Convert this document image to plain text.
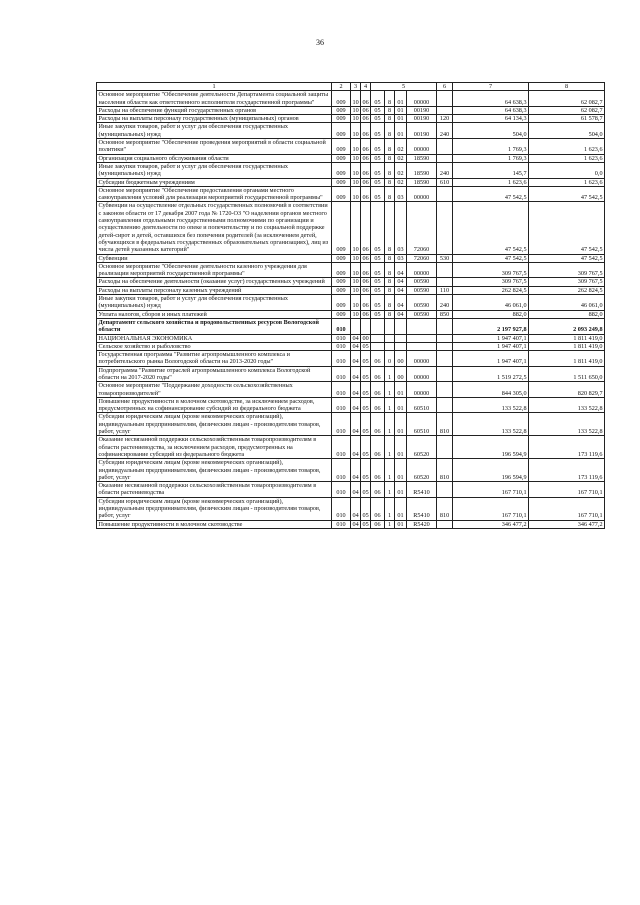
36
1	2	3	4	5				6	7	8
Основное мероприятие "Обеспечение деятельности Департамента социальной защиты населения области как ответственного исполнителя государственной программы"	009	10	06	05	8	01	00000		64 638,3	62 082,7
Расходы на обеспечение функций государственных органов	009	10	06	05	8	01	00190		64 638,3	62 082,7
Расходы на выплаты персоналу государственных (муниципальных) органов	009	10	06	05	8	01	00190	120	64 134,3	61 578,7
Иные закупки товаров, работ и услуг для обеспечения государственных (муниципальных) нужд	009	10	06	05	8	01	00190	240	504,0	504,0
Основное мероприятие "Обеспечение проведения мероприятий в области социальной политики"	009	10	06	05	8	02	00000		1 769,3	1 623,6
Организация социального обслуживания области	009	10	06	05	8	02	18590		1 769,3	1 623,6
Иные закупки товаров, работ и услуг для обеспечения государственных (муниципальных) нужд	009	10	06	05	8	02	18590	240	145,7	0,0
Субсидии бюджетным учреждениям	009	10	06	05	8	02	18590	610	1 623,6	1 623,6
Основное мероприятие "Обеспечение предоставления органами местного самоуправления условий для реализации мероприятий государственной программы"	009	10	06	05	8	03	00000		47 542,5	47 542,5
Субвенции на осуществление отдельных государственных полномочий в соответствии с законом области от 17 декабря 2007 года № 1720-ОЗ "О наделении органов местного самоуправления отдельными государственными полномочиями по организации и осуществлению деятельности по опеке и попечительству и по социальной поддержке детей-сирот и детей, оставшихся без попечения родителей (за исключением детей, обучающихся в федеральных государственных образовательных организациях), лиц из числа детей указанных категорий"	009	10	06	05	8	03	72060		47 542,5	47 542,5
Субвенции	009	10	06	05	8	03	72060	530	47 542,5	47 542,5
Основное мероприятие "Обеспечение деятельности казенного учреждения для реализации мероприятий государственной программы"	009	10	06	05	8	04	00000		309 767,5	309 767,5
Расходы на обеспечение деятельности (оказание услуг) государственных учреждений	009	10	06	05	8	04	00590		309 767,5	309 767,5
Расходы на выплаты персоналу казенных учреждений	009	10	06	05	8	04	00590	110	262 824,5	262 824,5
Иные закупки товаров, работ и услуг для обеспечения государственных (муниципальных) нужд	009	10	06	05	8	04	00590	240	46 061,0	46 061,0
Уплата налогов, сборов и иных платежей	009	10	06	05	8	04	00590	850	882,0	882,0
Департамент сельского хозяйства и продовольственных ресурсов Вологодской области	010								2 197 927,8	2 093 249,8
НАЦИОНАЛЬНАЯ ЭКОНОМИКА	010	04	00						1 947 407,1	1 811 419,0
Сельское хозяйство и рыболовство	010	04	05						1 947 407,1	1 811 419,0
Государственная программа "Развитие агропромышленного комплекса и потребительского рынка Вологодской области на 2013-2020 годы"	010	04	05	06	0	00	00000		1 947 407,1	1 811 419,0
Подпрограмма "Развитие отраслей агропромышленного комплекса Вологодской области на 2017-2020 годы"	010	04	05	06	1	00	00000		1 519 272,5	1 511 650,0
Основное мероприятие "Поддержание доходности сельскохозяйственных товаропроизводителей"	010	04	05	06	1	01	00000		844 305,0	820 829,7
Повышение продуктивности в молочном скотоводстве, за исключением расходов, предусмотренных на софинансирование субсидий из федерального бюджета	010	04	05	06	1	01	60510		133 522,8	133 522,8
Субсидии юридическим лицам (кроме некоммерческих организаций), индивидуальным предпринимателям, физическим лицам - производителям товаров, работ, услуг	010	04	05	06	1	01	60510	810	133 522,8	133 522,8
Оказание несвязанной поддержки сельскохозяйственным товаропроизводителям в области растениеводства, за исключением расходов, предусмотренных на софинансирование субсидий из федерального бюджета	010	04	05	06	1	01	60520		196 594,9	173 119,6
Субсидии юридическим лицам (кроме некоммерческих организаций), индивидуальным предпринимателям, физическим лицам - производителям товаров, работ, услуг	010	04	05	06	1	01	60520	810	196 594,9	173 119,6
Оказание несвязанной поддержки сельскохозяйственным товаропроизводителям в области растениеводства	010	04	05	06	1	01	R5410		167 710,1	167 710,1
Субсидии юридическим лицам (кроме некоммерческих организаций), индивидуальным предпринимателям, физическим лицам - производителям товаров, работ, услуг	010	04	05	06	1	01	R5410	810	167 710,1	167 710,1
Повышение продуктивности в молочном скотоводстве	010	04	05	06	1	01	R5420		346 477,2	346 477,2
